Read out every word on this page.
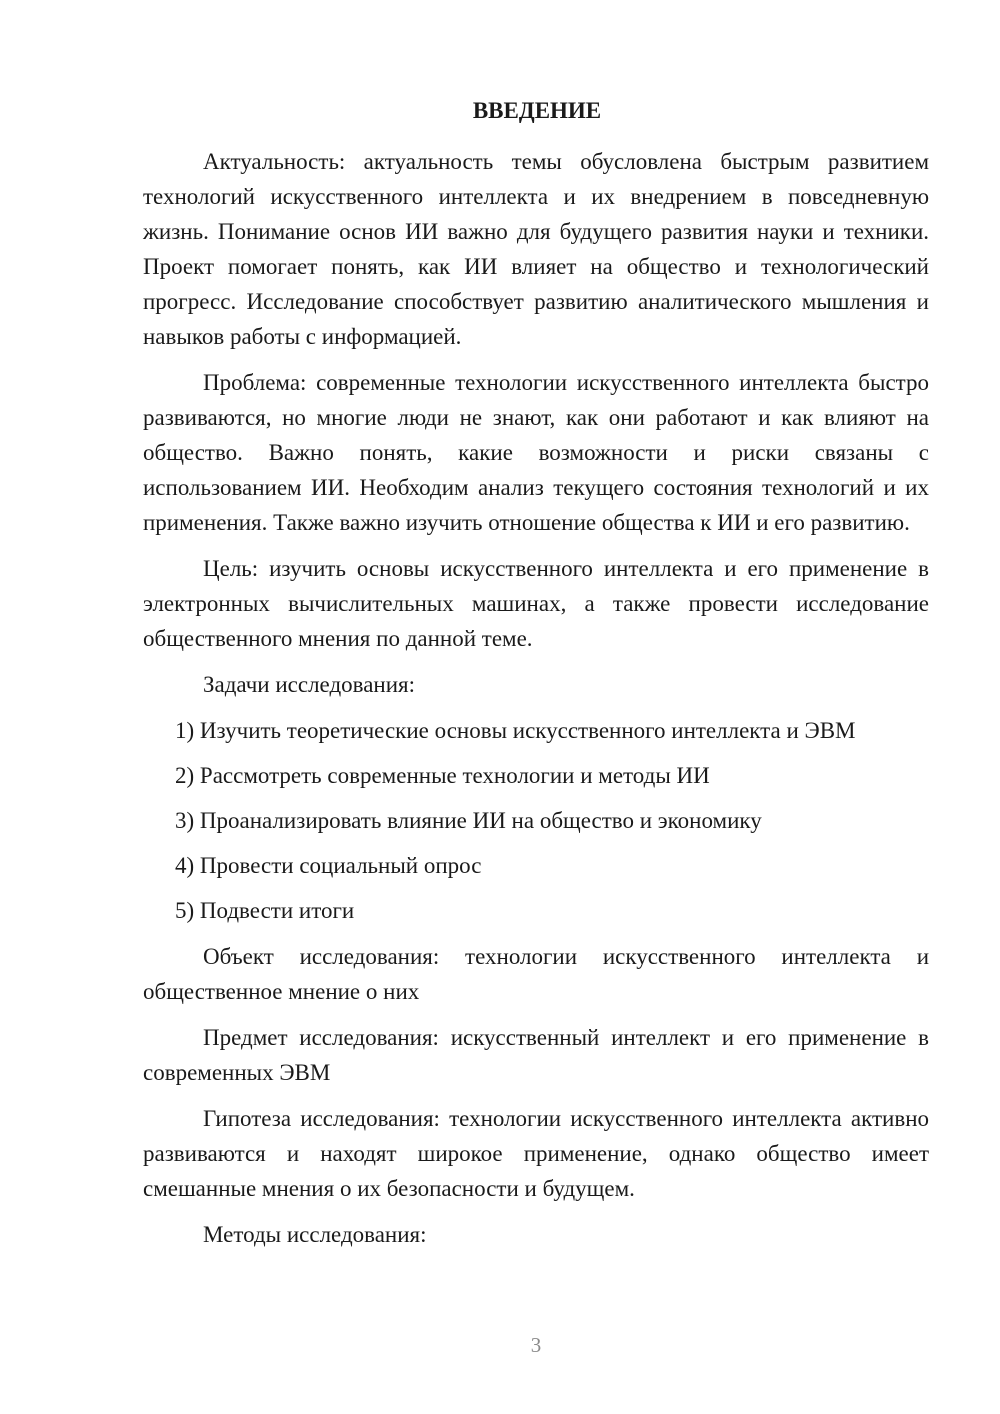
ВВЕДЕНИЕ

Актуальность: актуальность темы обусловлена быстрым развитием технологий искусственного интеллекта и их внедрением в повседневную жизнь. Понимание основ ИИ важно для будущего развития науки и техники. Проект помогает понять, как ИИ влияет на общество и технологический прогресс. Исследование способствует развитию аналитического мышления и навыков работы с информацией.

Проблема: современные технологии искусственного интеллекта быстро развиваются, но многие люди не знают, как они работают и как влияют на общество. Важно понять, какие возможности и риски связаны с использованием ИИ. Необходим анализ текущего состояния технологий и их применения. Также важно изучить отношение общества к ИИ и его развитию.

Цель: изучить основы искусственного интеллекта и его применение в электронных вычислительных машинах, а также провести исследование общественного мнения по данной теме.

Задачи исследования:

1) Изучить теоретические основы искусственного интеллекта и ЭВМ
2) Рассмотреть современные технологии и методы ИИ
3) Проанализировать влияние ИИ на общество и экономику
4) Провести социальный опрос
5) Подвести итоги

Объект исследования: технологии искусственного интеллекта и общественное мнение о них

Предмет исследования: искусственный интеллект и его применение в современных ЭВМ

Гипотеза исследования: технологии искусственного интеллекта активно развиваются и находят широкое применение, однако общество имеет смешанные мнения о их безопасности и будущем.

Методы исследования:

3
